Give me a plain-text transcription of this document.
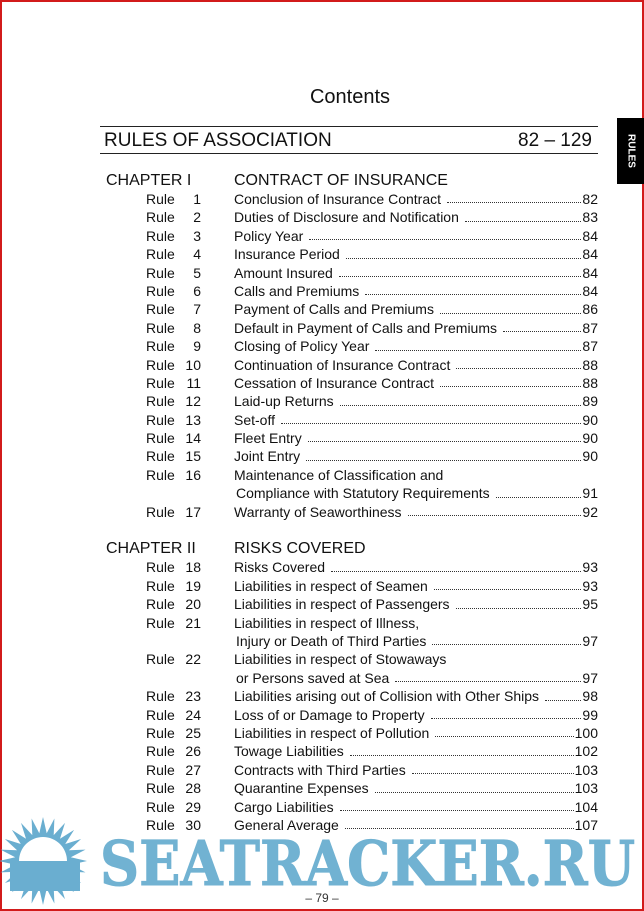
Contents
RULES OF ASSOCIATION	82 – 129	RULES
CHAPTER I	CONTRACT OF INSURANCE
Rule	1 Conclusion of Insurance Contract	82
Rule	2 Duties of Disclosure and Notification	83
Rule	3 Policy Year	84
Rule	4 Insurance Period	84
Rule	5 Amount Insured	84
Rule	6 Calls and Premiums	84
Rule	7 Payment of Calls and Premiums	86
Rule	8 Default in Payment of Calls and Premiums	87
Rule	9 Closing of Policy Year	87
Rule 10 Continuation of Insurance Contract	88
Rule 11 Cessation of Insurance Contract	88
Rule 12 Laid-up Returns	89
Rule 13 Set-off	90
Rule 14 Fleet Entry	90
Rule 15 Joint Entry	90
Rule 16 Maintenance of Classification and
Compliance with Statutory Requirements	91
Rule 17 Warranty of Seaworthiness	92
CHAPTER II RISKS COVERED
Rule 18 Risks Covered	93
Rule 19 Liabilities in respect of Seamen	93
Rule 20 Liabilities in respect of Passengers	95
Rule 21 Liabilities in respect of Illness,
Injury or Death of Third Parties	97
Rule 22 Liabilities in respect of Stowaways
or Persons saved at Sea	97
Rule 23 Liabilities arising out of Collision with Other Ships	98
Rule 24 Loss of or Damage to Property	99
Rule 25 Liabilities in respect of Pollution	100
Rule 26 Towage Liabilities	102
Rule 27 Contracts with Third Parties	103
Rule 28 Quarantine Expenses	103
Rule 29 Cargo Liabilities	104
Rule 30 General Average	107
SEATRACKER.RU
– 79 –
